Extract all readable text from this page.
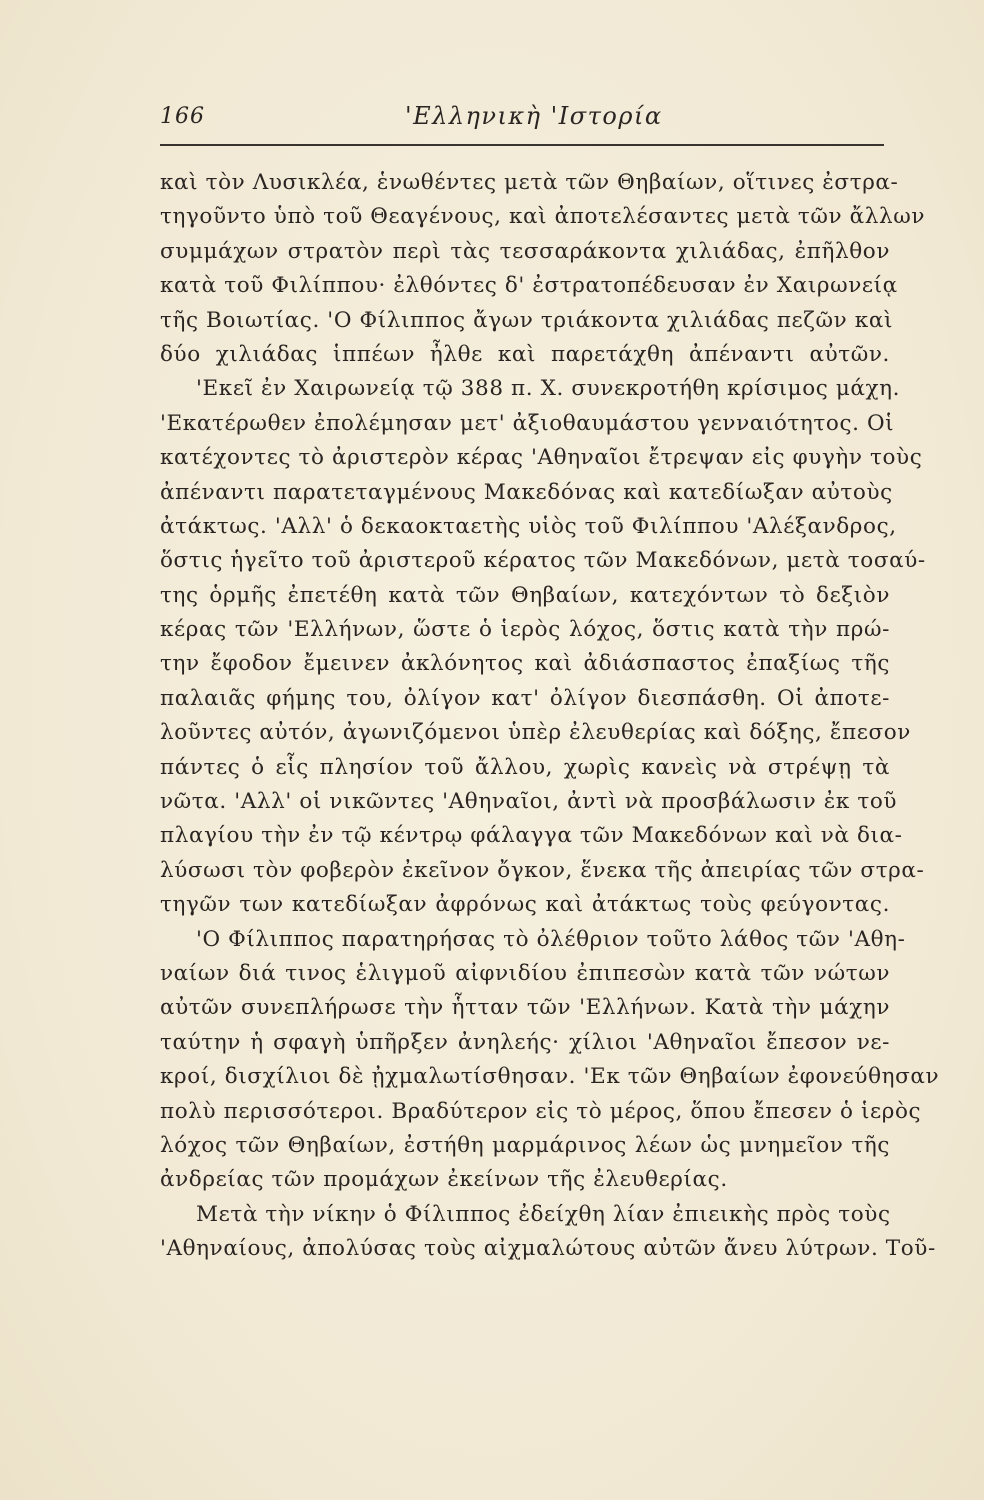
166	'Ελληνικὴ 'Ιστορία
καὶ τὸν Λυσικλέα, ἑνωθέντες μετὰ τῶν Θηβαίων, οἵτινες ἐστρα-
τηγοῦντο ὑπὸ τοῦ Θεαγένους, καὶ ἀποτελέσαντες μετὰ τῶν ἄλλων
συμμάχων στρατὸν περὶ τὰς τεσσαράκοντα χιλιάδας, ἐπῆλθον
κατὰ τοῦ Φιλίππου· ἐλθόντες δ' ἐστρατοπέδευσαν ἐν Χαιρωνείᾳ
τῆς Βοιωτίας. 'Ο Φίλιππος ἄγων τριάκοντα χιλιάδας πεζῶν καὶ
δύο χιλιάδας ἱππέων ἦλθε καὶ παρετάχθη ἀπέναντι αὐτῶν.
'Εκεῖ ἐν Χαιρωνείᾳ τῷ 388 π. Χ. συνεκροτήθη κρίσιμος μάχη.
'Εκατέρωθεν ἐπολέμησαν μετ' ἀξιοθαυμάστου γενναιότητος. Οἱ
κατέχοντες τὸ ἀριστερὸν κέρας 'Αθηναῖοι ἔτρεψαν εἰς φυγὴν τοὺς
ἀπέναντι παρατεταγμένους Μακεδόνας καὶ κατεδίωξαν αὐτοὺς
ἀτάκτως. 'Αλλ' ὁ δεκαοκταετὴς υἱὸς τοῦ Φιλίππου 'Αλέξανδρος,
ὅστις ἡγεῖτο τοῦ ἀριστεροῦ κέρατος τῶν Μακεδόνων, μετὰ τοσαύ-
της ὁρμῆς ἐπετέθη κατὰ τῶν Θηβαίων, κατεχόντων τὸ δεξιὸν
κέρας τῶν 'Ελλήνων, ὥστε ὁ ἱερὸς λόχος, ὅστις κατὰ τὴν πρώ-
την ἔφοδον ἔμεινεν ἀκλόνητος καὶ ἀδιάσπαστος ἐπαξίως τῆς
παλαιᾶς φήμης του, ὀλίγον κατ' ὀλίγον διεσπάσθη. Οἱ ἀποτε-
λοῦντες αὐτόν, ἀγωνιζόμενοι ὑπὲρ ἐλευθερίας καὶ δόξης, ἔπεσον
πάντες ὁ εἷς πλησίον τοῦ ἄλλου, χωρὶς κανεὶς νὰ στρέψῃ τὰ
νῶτα. 'Αλλ' οἱ νικῶντες 'Αθηναῖοι, ἀντὶ νὰ προσβάλωσιν ἐκ τοῦ
πλαγίου τὴν ἐν τῷ κέντρῳ φάλαγγα τῶν Μακεδόνων καὶ νὰ δια-
λύσωσι τὸν φοβερὸν ἐκεῖνον ὄγκον, ἕνεκα τῆς ἀπειρίας τῶν στρα-
τηγῶν των κατεδίωξαν ἀφρόνως καὶ ἀτάκτως τοὺς φεύγοντας.
'Ο Φίλιππος παρατηρήσας τὸ ὀλέθριον τοῦτο λάθος τῶν 'Αθη-
ναίων διά τινος ἑλιγμοῦ αἰφνιδίου ἐπιπεσὼν κατὰ τῶν νώτων
αὐτῶν συνεπλήρωσε τὴν ἧτταν τῶν 'Ελλήνων. Κατὰ τὴν μάχην
ταύτην ἡ σφαγὴ ὑπῆρξεν ἀνηλεής· χίλιοι 'Αθηναῖοι ἔπεσον νε-
κροί, δισχίλιοι δὲ ᾐχμαλωτίσθησαν. 'Εκ τῶν Θηβαίων ἐφονεύθησαν
πολὺ περισσότεροι. Βραδύτερον εἰς τὸ μέρος, ὅπου ἔπεσεν ὁ ἱερὸς
λόχος τῶν Θηβαίων, ἐστήθη μαρμάρινος λέων ὡς μνημεῖον τῆς
ἀνδρείας τῶν προμάχων ἐκείνων τῆς ἐλευθερίας.
Μετὰ τὴν νίκην ὁ Φίλιππος ἐδείχθη λίαν ἐπιεικὴς πρὸς τοὺς
'Αθηναίους, ἀπολύσας τοὺς αἰχμαλώτους αὐτῶν ἄνευ λύτρων. Τοῦ-
